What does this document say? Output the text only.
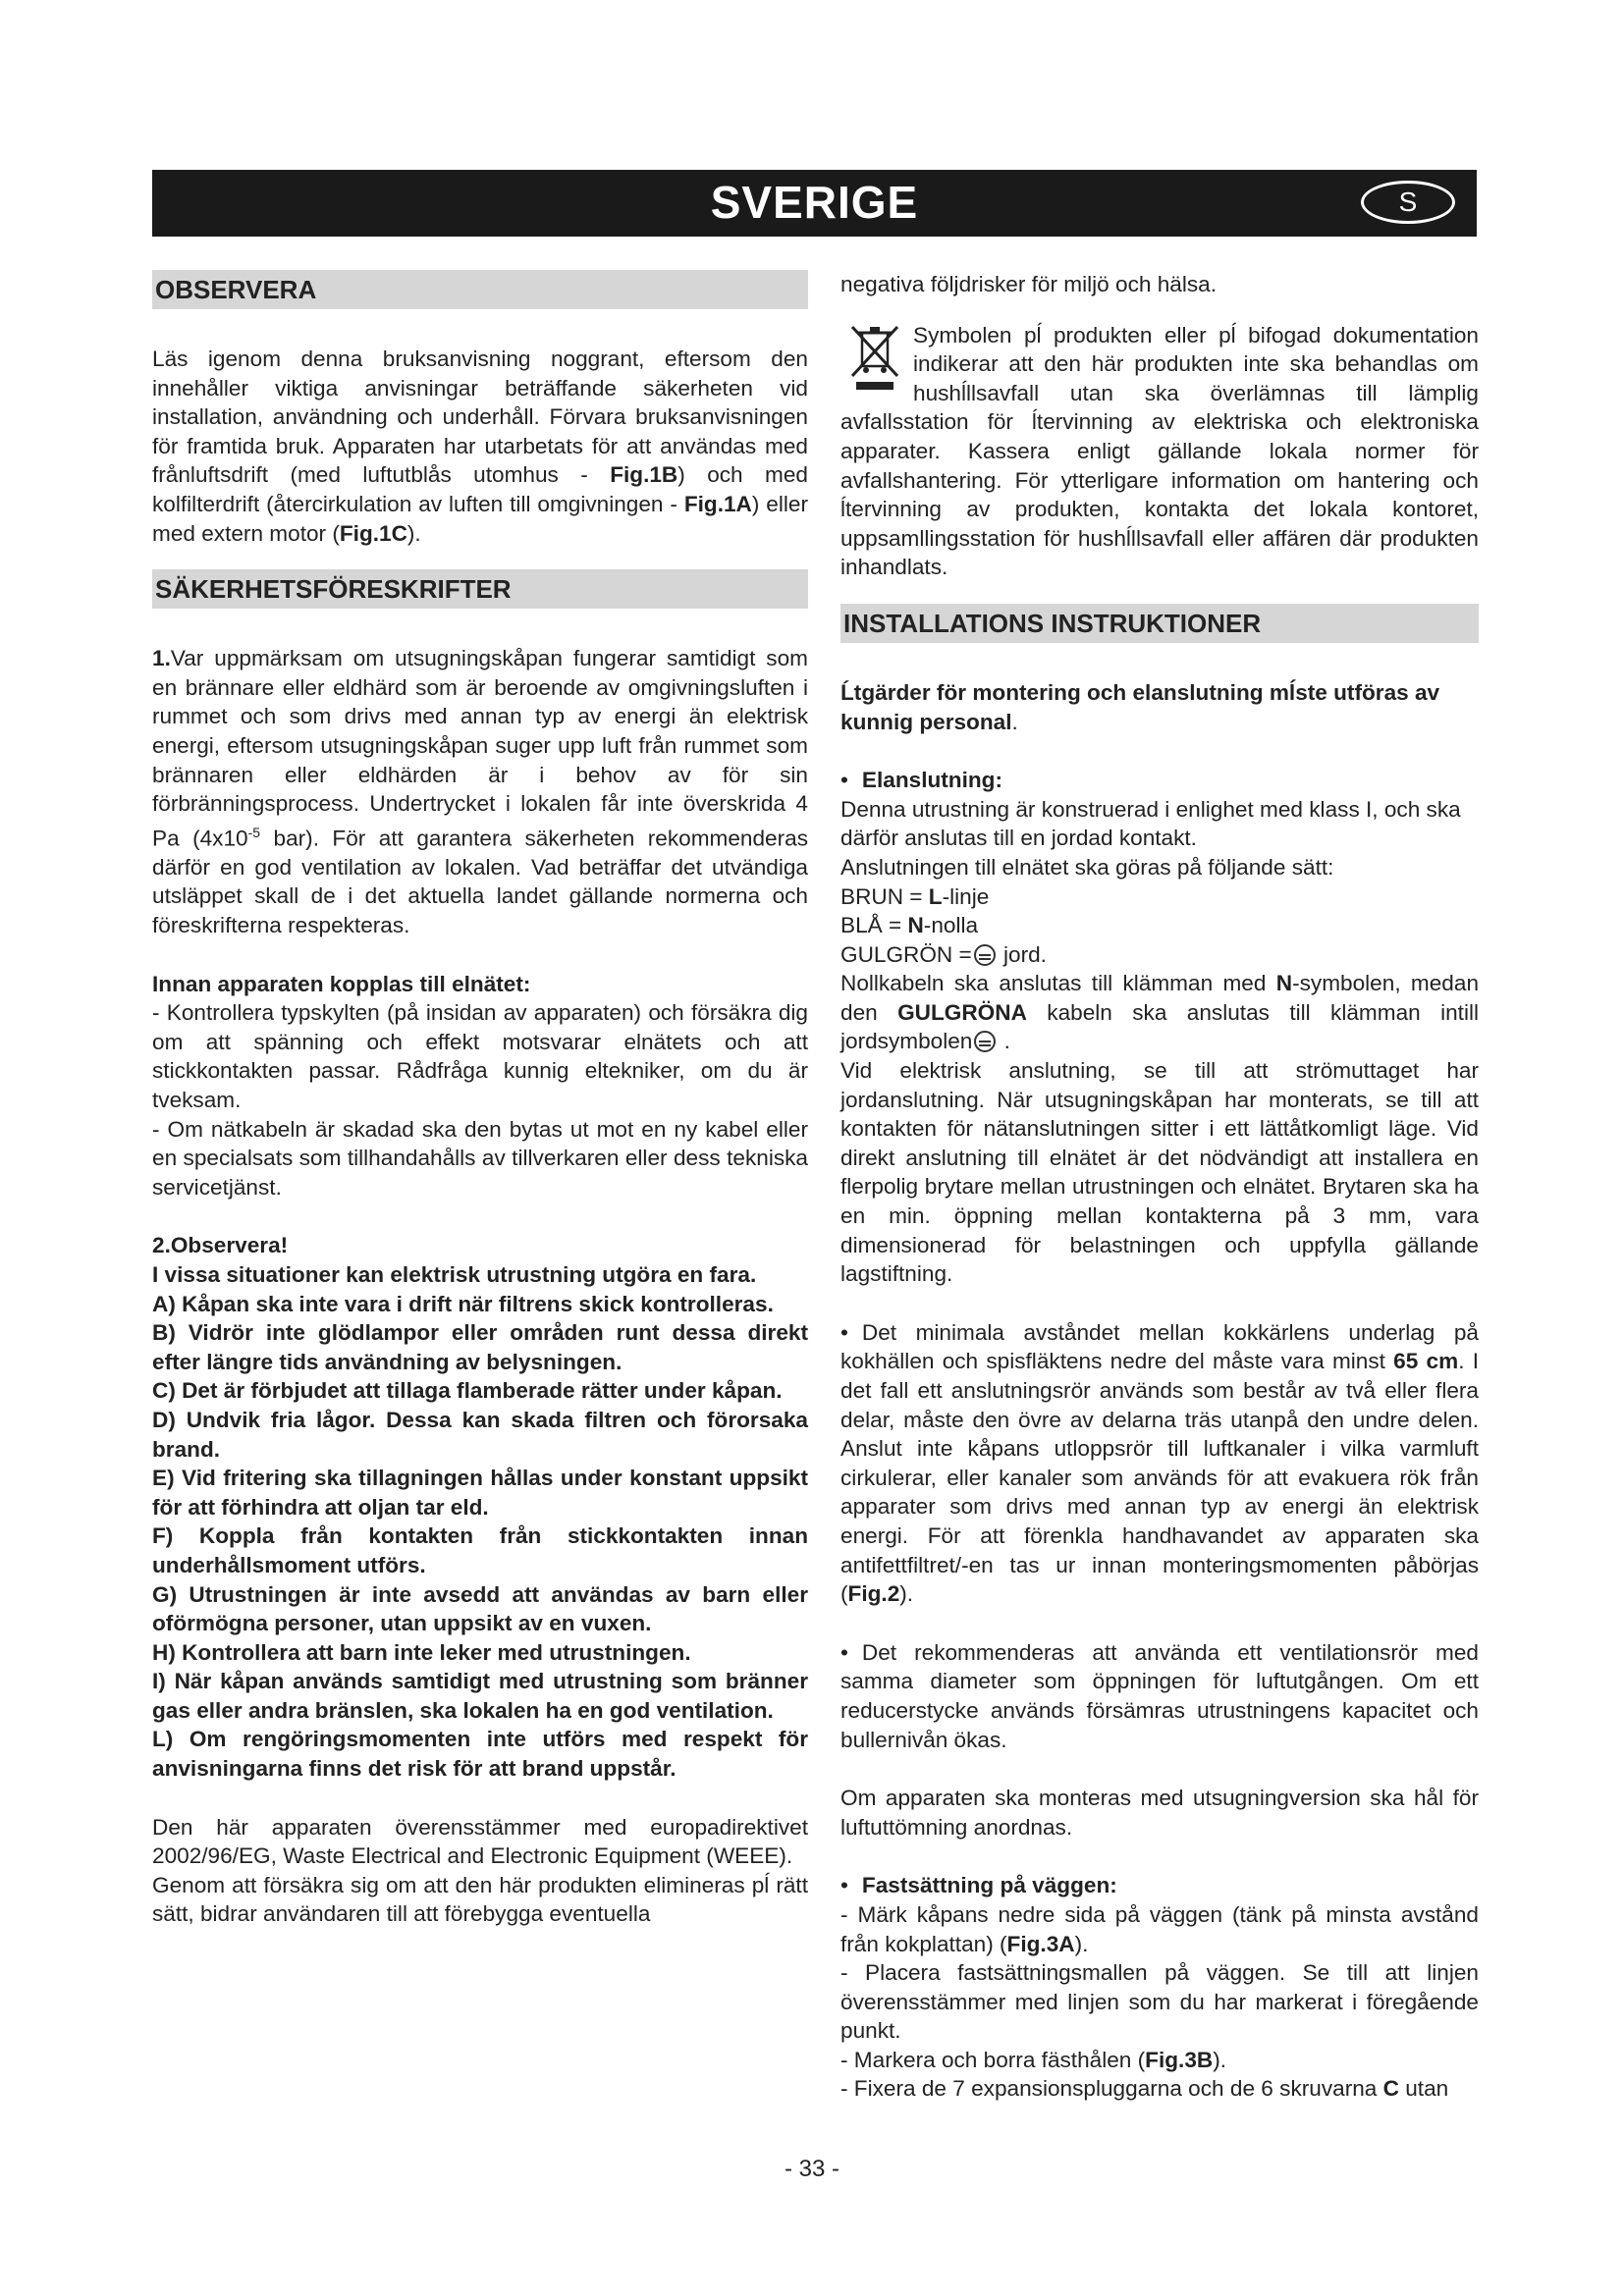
SVERIGE	S
OBSERVERA

Läs igenom denna bruksanvisning noggrant, eftersom den innehåller viktiga anvisningar beträffande säkerheten vid installation, användning och underhåll. Förvara bruksanvisningen för framtida bruk. Apparaten har utarbetats för att användas med frånluftsdrift (med luftutblås utomhus - Fig.1B) och med kolfilterdrift (återcirkulation av luften till omgivningen - Fig.1A) eller med extern motor (Fig.1C).

SÄKERHETSFÖRESKRIFTER

1.Var uppmärksam om utsugningskåpan fungerar samtidigt som en brännare eller eldhärd som är beroende av omgivningsluften i rummet och som drivs med annan typ av energi än elektrisk energi, eftersom utsugningskåpan suger upp luft från rummet som brännaren eller eldhärden är i behov av för sin förbränningsprocess. Undertrycket i lokalen får inte överskrida 4 Pa ($4x10^{-5}$ bar). För att garantera säkerheten rekommenderas därför en god ventilation av lokalen. Vad beträffar det utvändiga utsläppet skall de i det aktuella landet gällande normerna och föreskrifterna respekteras.

Innan apparaten kopplas till elnätet:

- Kontrollera typskylten (på insidan av apparaten) och försäkra dig om att spänning och effekt motsvarar elnätets och att stickkontakten passar. Rådfråga kunnig eltekniker, om du är tveksam.

- Om nätkabeln är skadad ska den bytas ut mot en ny kabel eller en specialsats som tillhandahålls av tillverkaren eller dess tekniska servicetjänst.

2.Observera!

I vissa situationer kan elektrisk utrustning utgöra en fara.

A) Kåpan ska inte vara i drift när filtrens skick kontrolleras.

B) Vidrör inte glödlampor eller områden runt dessa direkt efter längre tids användning av belysningen.

C) Det är förbjudet att tillaga flamberade rätter under kåpan.

D) Undvik fria lågor. Dessa kan skada filtren och förorsaka brand.

E) Vid fritering ska tillagningen hållas under konstant uppsikt för att förhindra att oljan tar eld.

F) Koppla från kontakten från stickkontakten innan underhållsmoment utförs.

G) Utrustningen är inte avsedd att användas av barn eller oförmögna personer, utan uppsikt av en vuxen.

H) Kontrollera att barn inte leker med utrustningen.

I) När kåpan används samtidigt med utrustning som bränner gas eller andra bränslen, ska lokalen ha en god ventilation.

L) Om rengöringsmomenten inte utförs med respekt för anvisningarna finns det risk för att brand uppstår.

Den här apparaten överensstämmer med europadirektivet 2002/96/EG, Waste Electrical and Electronic Equipment (WEEE).

Genom att försäkra sig om att den här produkten elimineras pĺ rätt sätt, bidrar användaren till att förebygga eventuella

negativa följdrisker för miljö och hälsa.

Symbolen pĺ produkten eller pĺ bifogad dokumentation indikerar att den här produkten inte ska behandlas om hushĺllsavfall utan ska överlämnas till lämplig avfallsstation för ĺtervinning av elektriska och elektroniska apparater. Kassera enligt gällande lokala normer för avfallshantering. För ytterligare information om hantering och ĺtervinning av produkten, kontakta det lokala kontoret, uppsamllingsstation för hushĺllsavfall eller affären där produkten inhandlats.

INSTALLATIONS INSTRUKTIONER

Ĺtgärder för montering och elanslutning mĺste utföras av kunnig personal.

• Elanslutning:

Denna utrustning är konstruerad i enlighet med klass I, och ska därför anslutas till en jordad kontakt.

Anslutningen till elnätet ska göras på följande sätt:

BRUN = L-linje

BLÅ = N-nolla

GULGRÖN = jord.

Nollkabeln ska anslutas till klämman med N-symbolen, medan den GULGRÖNA kabeln ska anslutas till klämman intill jordsymbolen .

Vid elektrisk anslutning, se till att strömuttaget har jordanslutning. När utsugningskåpan har monterats, se till att kontakten för nätanslutningen sitter i ett lättåtkomligt läge. Vid direkt anslutning till elnätet är det nödvändigt att installera en flerpolig brytare mellan utrustningen och elnätet. Brytaren ska ha en min. öppning mellan kontakterna på 3 mm, vara dimensionerad för belastningen och uppfylla gällande lagstiftning.

• Det minimala avståndet mellan kokkärlens underlag på kokhällen och spisfläktens nedre del måste vara minst 65 cm. I det fall ett anslutningsrör används som består av två eller flera delar, måste den övre av delarna träs utanpå den undre delen. Anslut inte kåpans utloppsrör till luftkanaler i vilka varmluft cirkulerar, eller kanaler som används för att evakuera rök från apparater som drivs med annan typ av energi än elektrisk energi. För att förenkla handhavandet av apparaten ska antifettfiltret/-en tas ur innan monteringsmomenten påbörjas (Fig.2).

• Det rekommenderas att använda ett ventilationsrör med samma diameter som öppningen för luftutgången. Om ett reducerstycke används försämras utrustningens kapacitet och bullernivån ökas.

Om apparaten ska monteras med utsugningversion ska hål för luftuttömning anordnas.

• Fastsättning på väggen:

- Märk kåpans nedre sida på väggen (tänk på minsta avstånd från kokplattan) (Fig.3A).

- Placera fastsättningsmallen på väggen. Se till att linjen överensstämmer med linjen som du har markerat i föregående punkt.

- Markera och borra fästhålen (Fig.3B).

- Fixera de 7 expansionspluggarna och de 6 skruvarna C utan

- 33 -
